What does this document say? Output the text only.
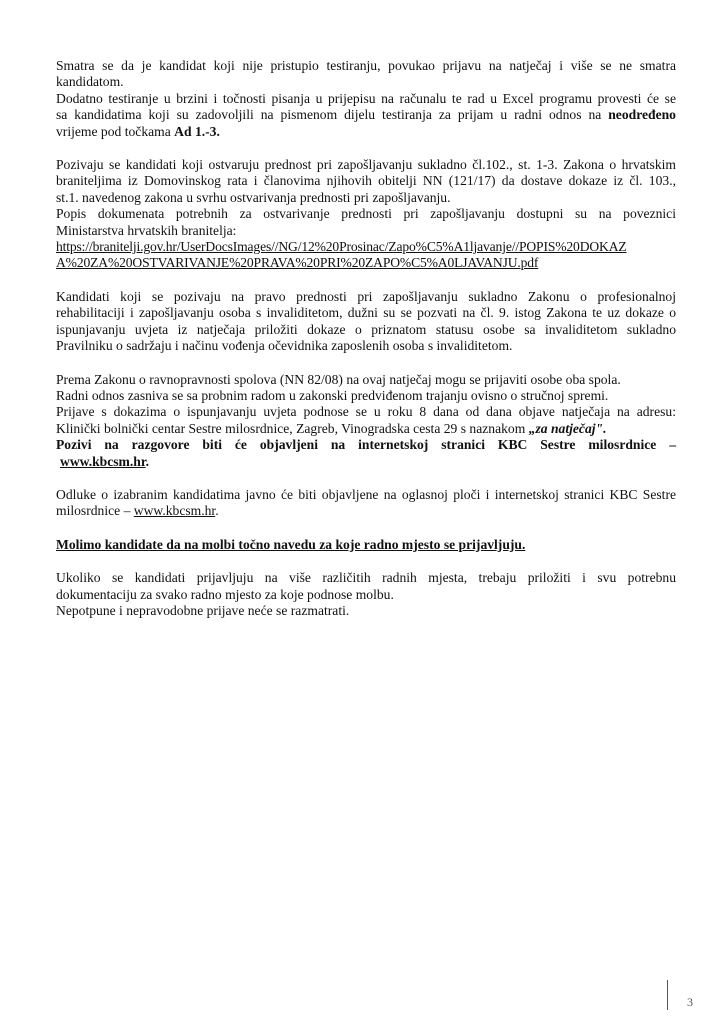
Smatra se da je kandidat koji nije pristupio testiranju, povukao prijavu na natječaj i više se ne smatra
kandidatom.
Dodatno testiranje u brzini i točnosti pisanja u prijepisu na računalu te rad u Excel programu provesti će se
sa kandidatima koji su zadovoljili na pismenom dijelu testiranja za prijam u radni odnos na neodređeno
vrijeme pod točkama Ad 1.-3.
Pozivaju se kandidati koji ostvaruju prednost pri zapošljavanju sukladno čl.102., st. 1-3. Zakona o hrvatskim
braniteljima iz Domovinskog rata i članovima njihovih obitelji NN (121/17) da dostave dokaze iz čl. 103.,
st.1. navedenog zakona u svrhu ostvarivanja prednosti pri zapošljavanju.
Popis dokumenata potrebnih za ostvarivanje prednosti pri zapošljavanju dostupni su na poveznici
Ministarstva hrvatskih branitelja:
https://branitelji.gov.hr/UserDocsImages//NG/12%20Prosinac/Zapo%C5%A1ljavanje//POPIS%20DOKAZ
A%20ZA%20OSTVARIVANJE%20PRAVA%20PRI%20ZAPO%C5%A0LJAVANJU.pdf
Kandidati koji se pozivaju na pravo prednosti pri zapošljavanju sukladno Zakonu o profesionalnoj
rehabilitaciji i zapošljavanju osoba s invaliditetom, dužni su se pozvati na čl. 9. istog Zakona te uz dokaze o
ispunjavanju uvjeta iz natječaja priložiti dokaze o priznatom statusu osobe sa invaliditetom sukladno
Pravilniku o sadržaju i načinu vođenja očevidnika zaposlenih osoba s invaliditetom.
Prema Zakonu o ravnopravnosti spolova (NN 82/08) na ovaj natječaj mogu se prijaviti osobe oba spola.
Radni odnos zasniva se sa probnim radom u zakonski predviđenom trajanju ovisno o stručnoj spremi.
Prijave s dokazima o ispunjavanju uvjeta podnose se u roku 8 dana od dana objave natječaja na adresu:
Klinički bolnički centar Sestre milosrdnice, Zagreb, Vinogradska cesta 29 s naznakom „za natječaj".
Pozivi na razgovore biti će objavljeni na internetskoj stranici KBC Sestre milosrdnice –
www.kbcsm.hr.
Odluke o izabranim kandidatima javno će biti objavljene na oglasnoj ploči i internetskoj stranici KBC Sestre
milosrdnice – www.kbcsm.hr.
Molimo kandidate da na molbi točno navedu za koje radno mjesto se prijavljuju.
Ukoliko se kandidati prijavljuju na više različitih radnih mjesta, trebaju priložiti i svu potrebnu
dokumentaciju za svako radno mjesto za koje podnose molbu.
Nepotpune i nepravodobne prijave neće se razmatrati.
3
